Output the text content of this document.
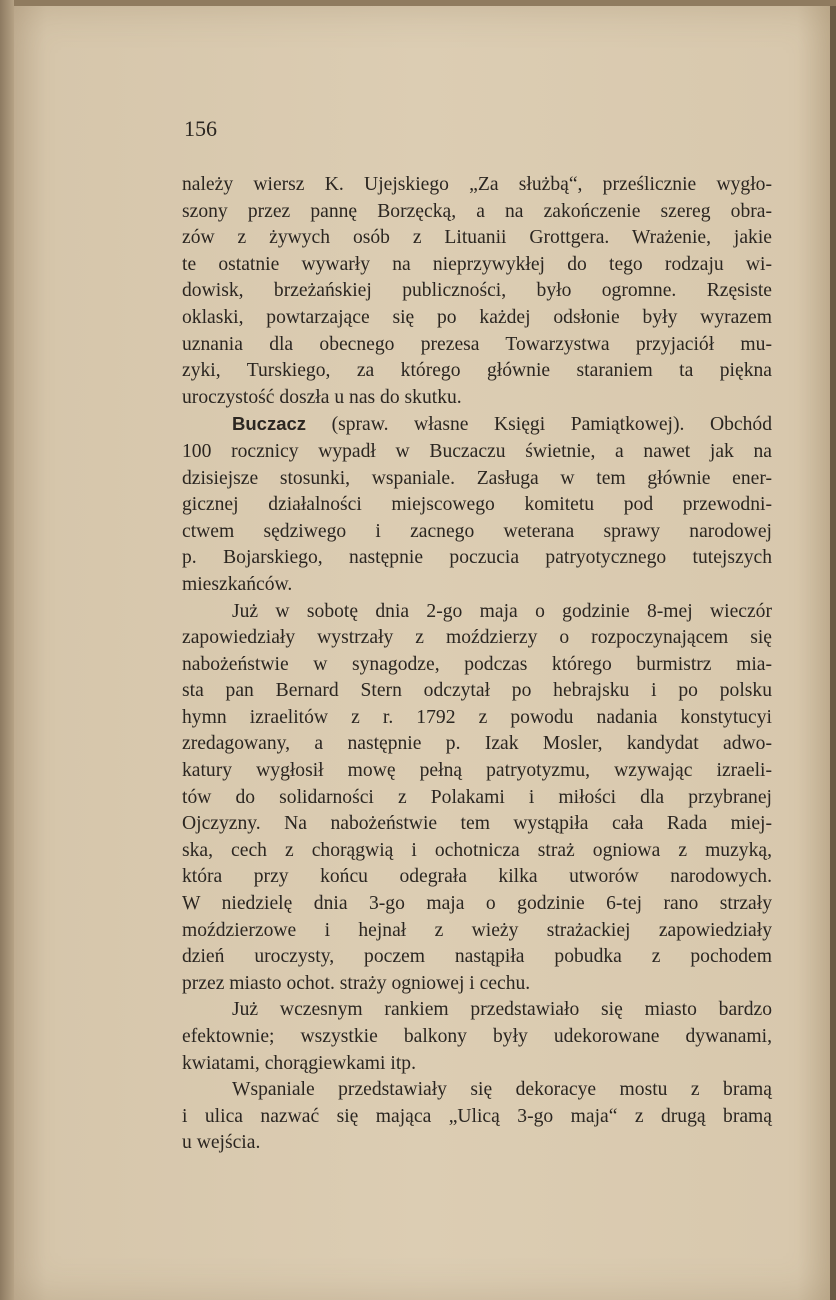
156
należy wiersz K. Ujejskiego „Za służbą“, prześlicznie wygło-
szony przez pannę Borzęcką, a na zakończenie szereg obra-
zów z żywych osób z Lituanii Grottgera. Wrażenie, jakie
te ostatnie wywarły na nieprzywykłej do tego rodzaju wi-
dowisk, brzeżańskiej publiczności, było ogromne. Rzęsiste
oklaski, powtarzające się po każdej odsłonie były wyrazem
uznania dla obecnego prezesa Towarzystwa przyjaciół mu-
zyki, Turskiego, za którego głównie staraniem ta piękna
uroczystość doszła u nas do skutku.
Buczacz (spraw. własne Księgi Pamiątkowej). Obchód
100 rocznicy wypadł w Buczaczu świetnie, a nawet jak na
dzisiejsze stosunki, wspaniale. Zasługa w tem głównie ener-
gicznej działalności miejscowego komitetu pod przewodni-
ctwem sędziwego i zacnego weterana sprawy narodowej
p. Bojarskiego, następnie poczucia patryotycznego tutejszych
mieszkańców.
Już w sobotę dnia 2-go maja o godzinie 8-mej wieczór
zapowiedziały wystrzały z moździerzy o rozpoczynającem się
nabożeństwie w synagodze, podczas którego burmistrz mia-
sta pan Bernard Stern odczytał po hebrajsku i po polsku
hymn izraelitów z r. 1792 z powodu nadania konstytucyi
zredagowany, a następnie p. Izak Mosler, kandydat adwo-
katury wygłosił mowę pełną patryotyzmu, wzywając izraeli-
tów do solidarności z Polakami i miłości dla przybranej
Ojczyzny. Na nabożeństwie tem wystąpiła cała Rada miej-
ska, cech z chorągwią i ochotnicza straż ogniowa z muzyką,
która przy końcu odegrała kilka utworów narodowych.
W niedzielę dnia 3-go maja o godzinie 6-tej rano strzały
moździerzowe i hejnał z wieży strażackiej zapowiedziały
dzień uroczysty, poczem nastąpiła pobudka z pochodem
przez miasto ochot. straży ogniowej i cechu.
Już wczesnym rankiem przedstawiało się miasto bardzo
efektownie; wszystkie balkony były udekorowane dywanami,
kwiatami, chorągiewkami itp.
Wspaniale przedstawiały się dekoracye mostu z bramą
i ulica nazwać się mająca „Ulicą 3-go maja“ z drugą bramą
u wejścia.
